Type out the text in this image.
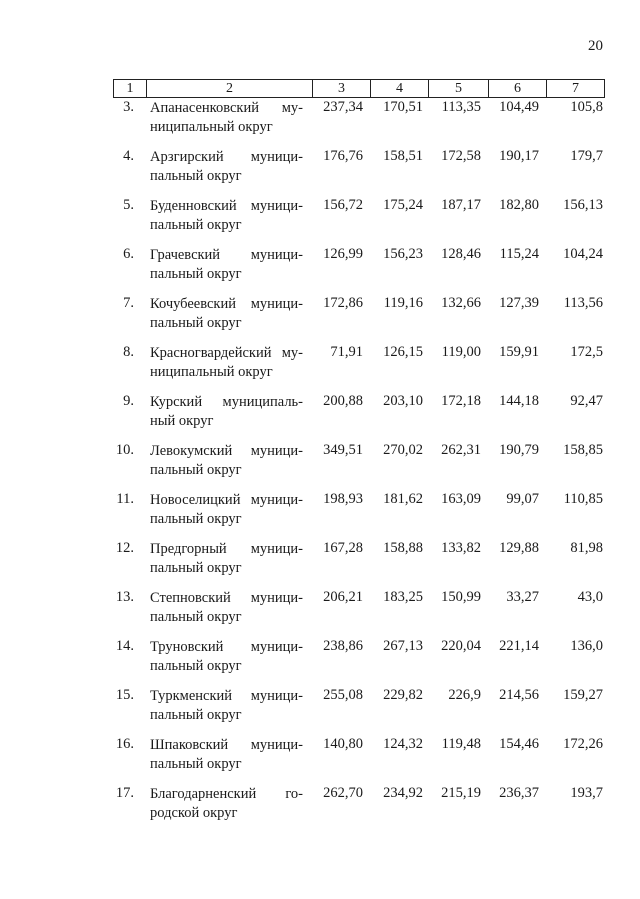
20
1	2	3	4	5	6	7
3. Апанасенковский му-
ниципальный округ
237,34	170,51	113,35	104,49	105,8
4. Арзгирский муници-
пальный округ
176,76	158,51	172,58	190,17	179,7
5. Буденновский муници-
пальный округ
156,72	175,24	187,17	182,80	156,13
6. Грачевский муници-
пальный округ
126,99	156,23	128,46	115,24	104,24
7. Кочубеевский муници-
пальный округ
172,86	119,16	132,66	127,39	113,56
8. Красногвардейский му-
ниципальный округ
71,91	126,15	119,00	159,91	172,5
9. Курский муниципаль-
ный округ
200,88	203,10	172,18	144,18	92,47
10. Левокумский муници-
пальный округ
349,51	270,02	262,31	190,79	158,85
11. Новоселицкий муници-
пальный округ
198,93	181,62	163,09	99,07	110,85
12. Предгорный муници-
пальный округ
167,28	158,88	133,82	129,88	81,98
13. Степновский муници-
пальный округ
206,21	183,25	150,99	33,27	43,0
14. Труновский муници-
пальный округ
238,86	267,13	220,04	221,14	136,0
15. Туркменский муници-
пальный округ
255,08	229,82	226,9	214,56	159,27
16. Шпаковский муници-
пальный округ
140,80	124,32	119,48	154,46	172,26
17. Благодарненский го-
родской округ
262,70	234,92	215,19	236,37	193,7
